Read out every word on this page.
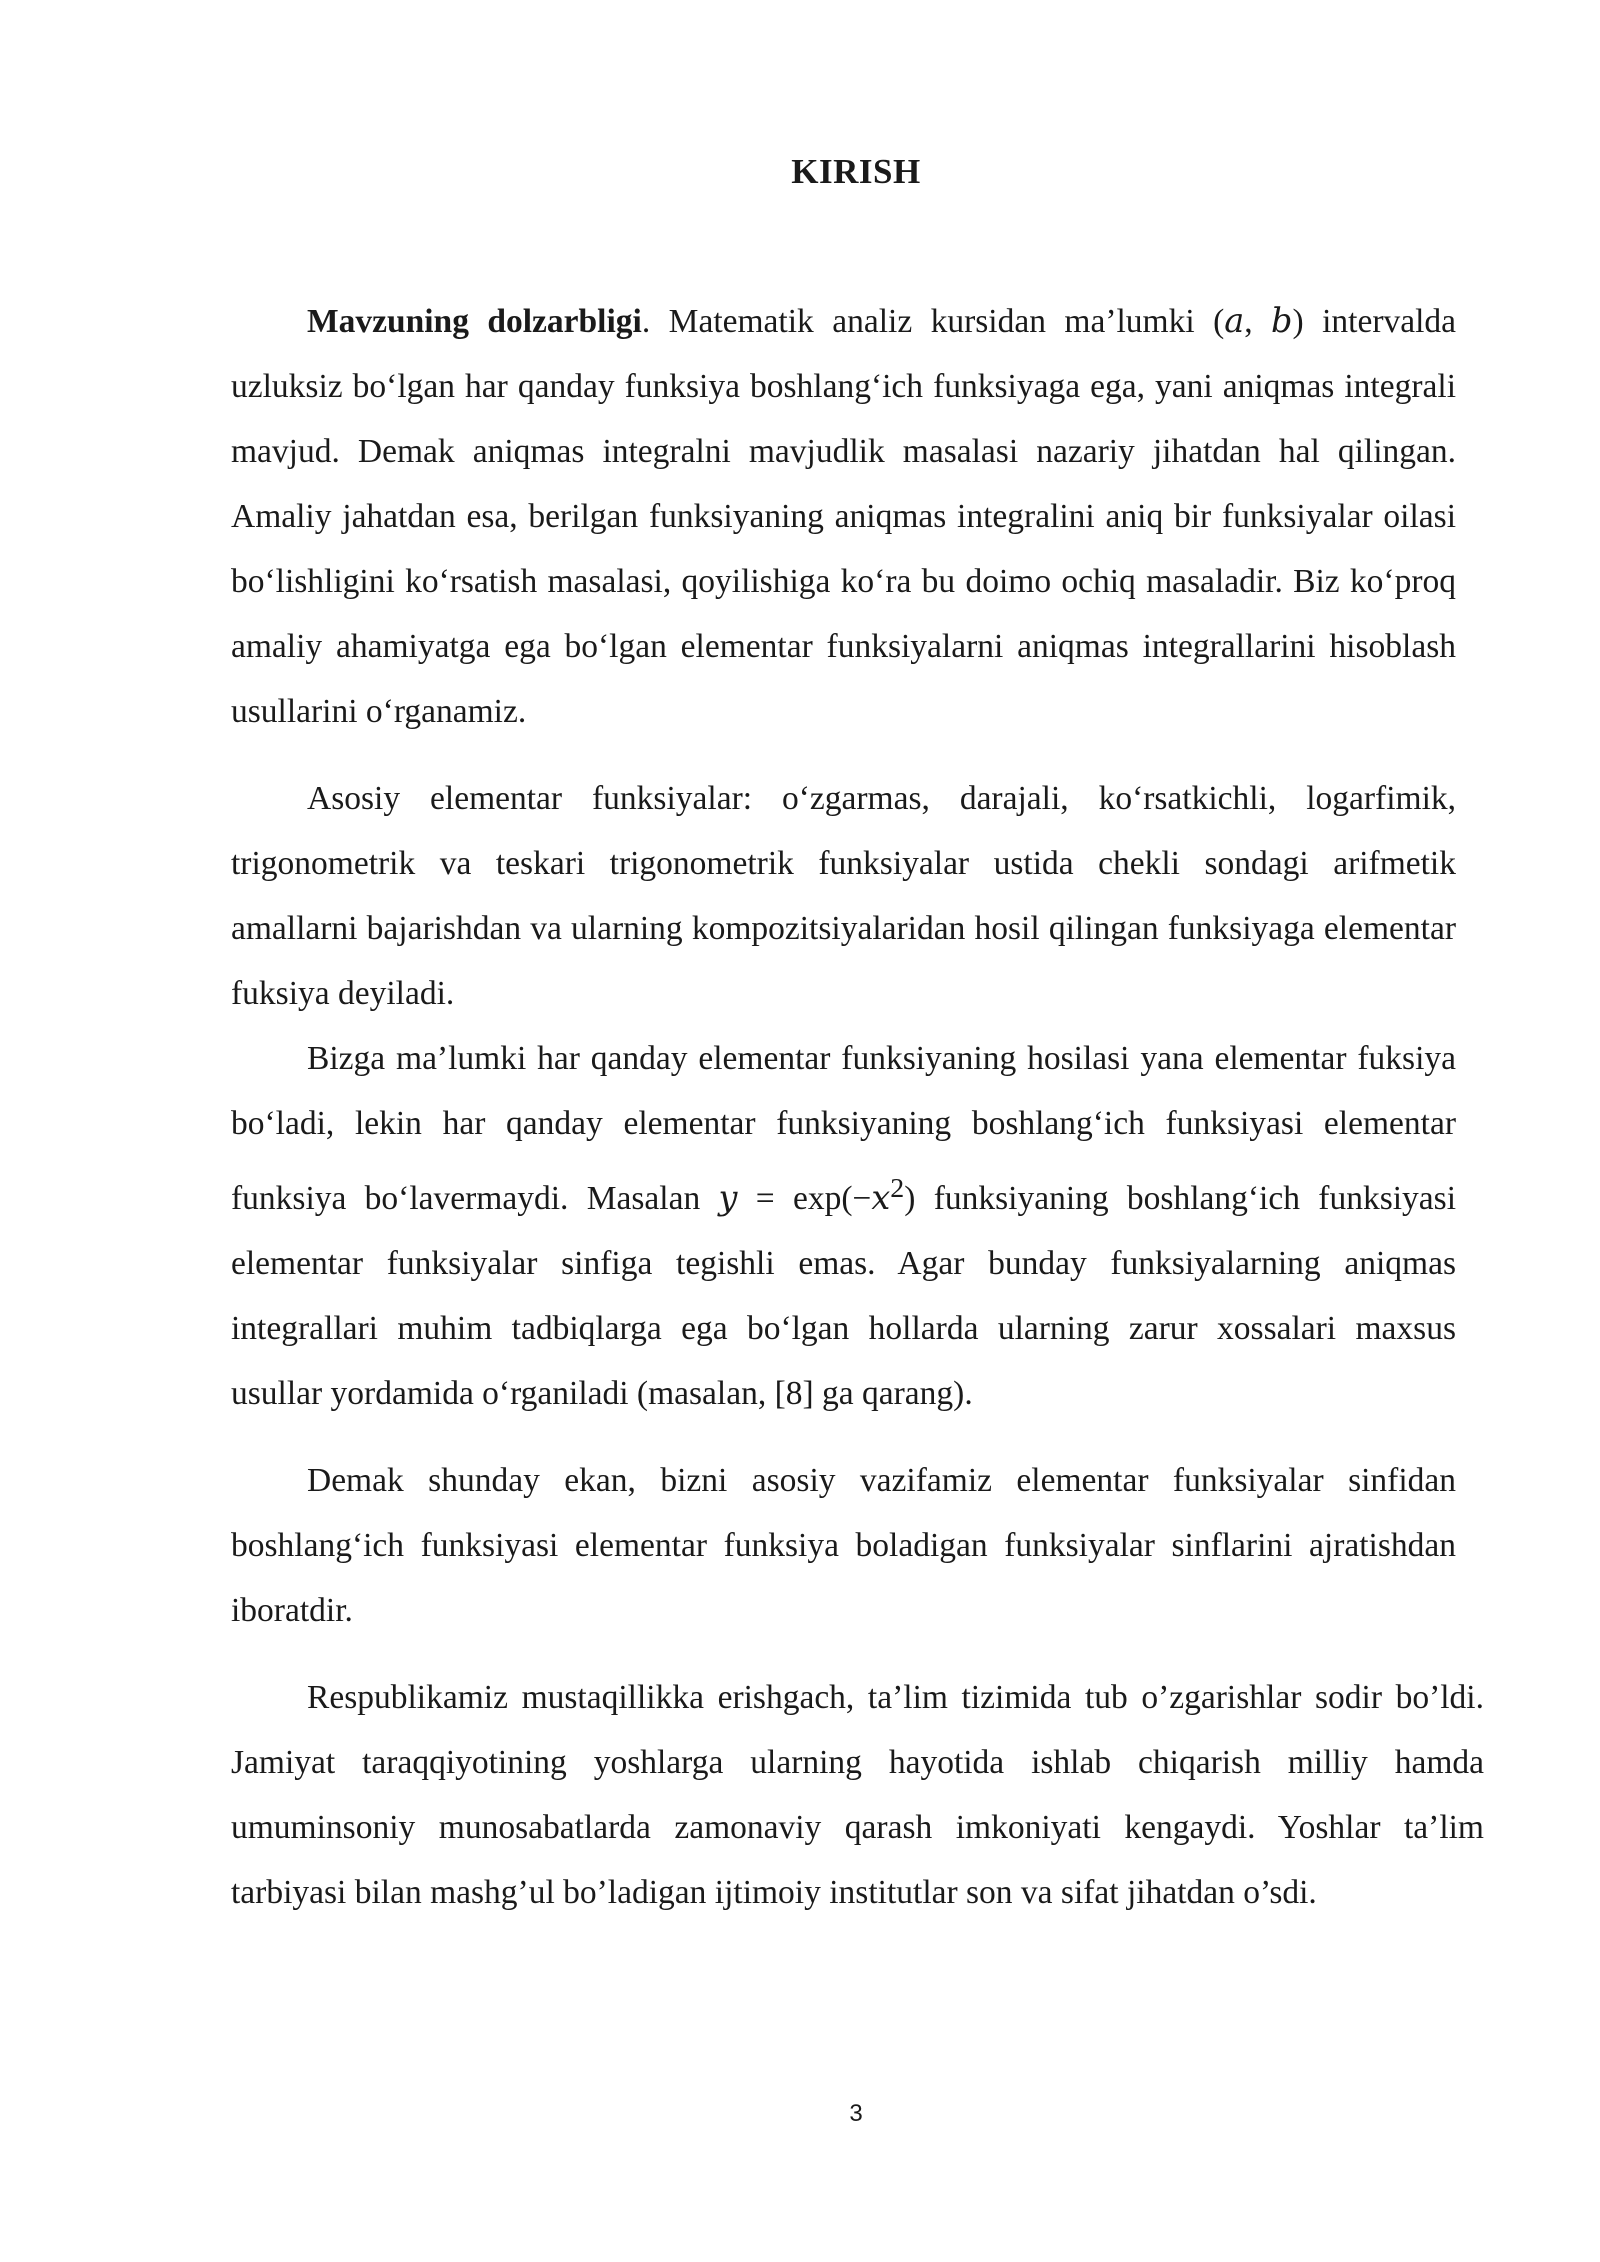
KIRISH

Mavzuning dolzarbligi. Matematik analiz kursidan ma’lumki (a, b) intervalda uzluksiz bo‘lgan har qanday funksiya boshlang‘ich funksiyaga ega, yani aniqmas integrali mavjud. Demak aniqmas integralni mavjudlik masalasi nazariy jihatdan hal qilingan. Amaliy jahatdan esa, berilgan funksiyaning aniqmas integralini aniq bir funksiyalar oilasi bo‘lishligini ko‘rsatish masalasi, qoyilishiga ko‘ra bu doimo ochiq masaladir. Biz ko‘proq amaliy ahamiyatga ega bo‘lgan elementar funksiyalarni aniqmas integrallarini hisoblash usullarini o‘rganamiz.

Asosiy elementar funksiyalar: o‘zgarmas, darajali, ko‘rsatkichli, logarfimik, trigonometrik va teskari trigonometrik funksiyalar ustida chekli sondagi arifmetik amallarni bajarishdan va ularning kompozitsiyalaridan hosil qilingan funksiyaga elementar fuksiya deyiladi.

Bizga ma’lumki har qanday elementar funksiyaning hosilasi yana elementar fuksiya bo‘ladi, lekin har qanday elementar funksiyaning boshlang‘ich funksiyasi elementar funksiya bo‘lavermaydi. Masalan $y = \exp(-x^2)$ funksiyaning boshlang‘ich funksiyasi elementar funksiyalar sinfiga tegishli emas. Agar bunday funksiyalarning aniqmas integrallari muhim tadbiqlarga ega bo‘lgan hollarda ularning zarur xossalari maxsus usullar yordamida o‘rganiladi (masalan, [8] ga qarang).

Demak shunday ekan, bizni asosiy vazifamiz elementar funksiyalar sinfidan boshlang‘ich funksiyasi elementar funksiya boladigan funksiyalar sinflarini ajratishdan iboratdir.

Respublikamiz mustaqillikka erishgach, ta’lim tizimida tub o’zgarishlar sodir bo’ldi. Jamiyat taraqqiyotining yoshlarga ularning hayotida ishlab chiqarish milliy hamda umuminsoniy munosabatlarda zamonaviy qarash imkoniyati kengaydi. Yoshlar ta’lim tarbiyasi bilan mashg’ul bo’ladigan ijtimoiy institutlar son va sifat jihatdan o’sdi.

3
